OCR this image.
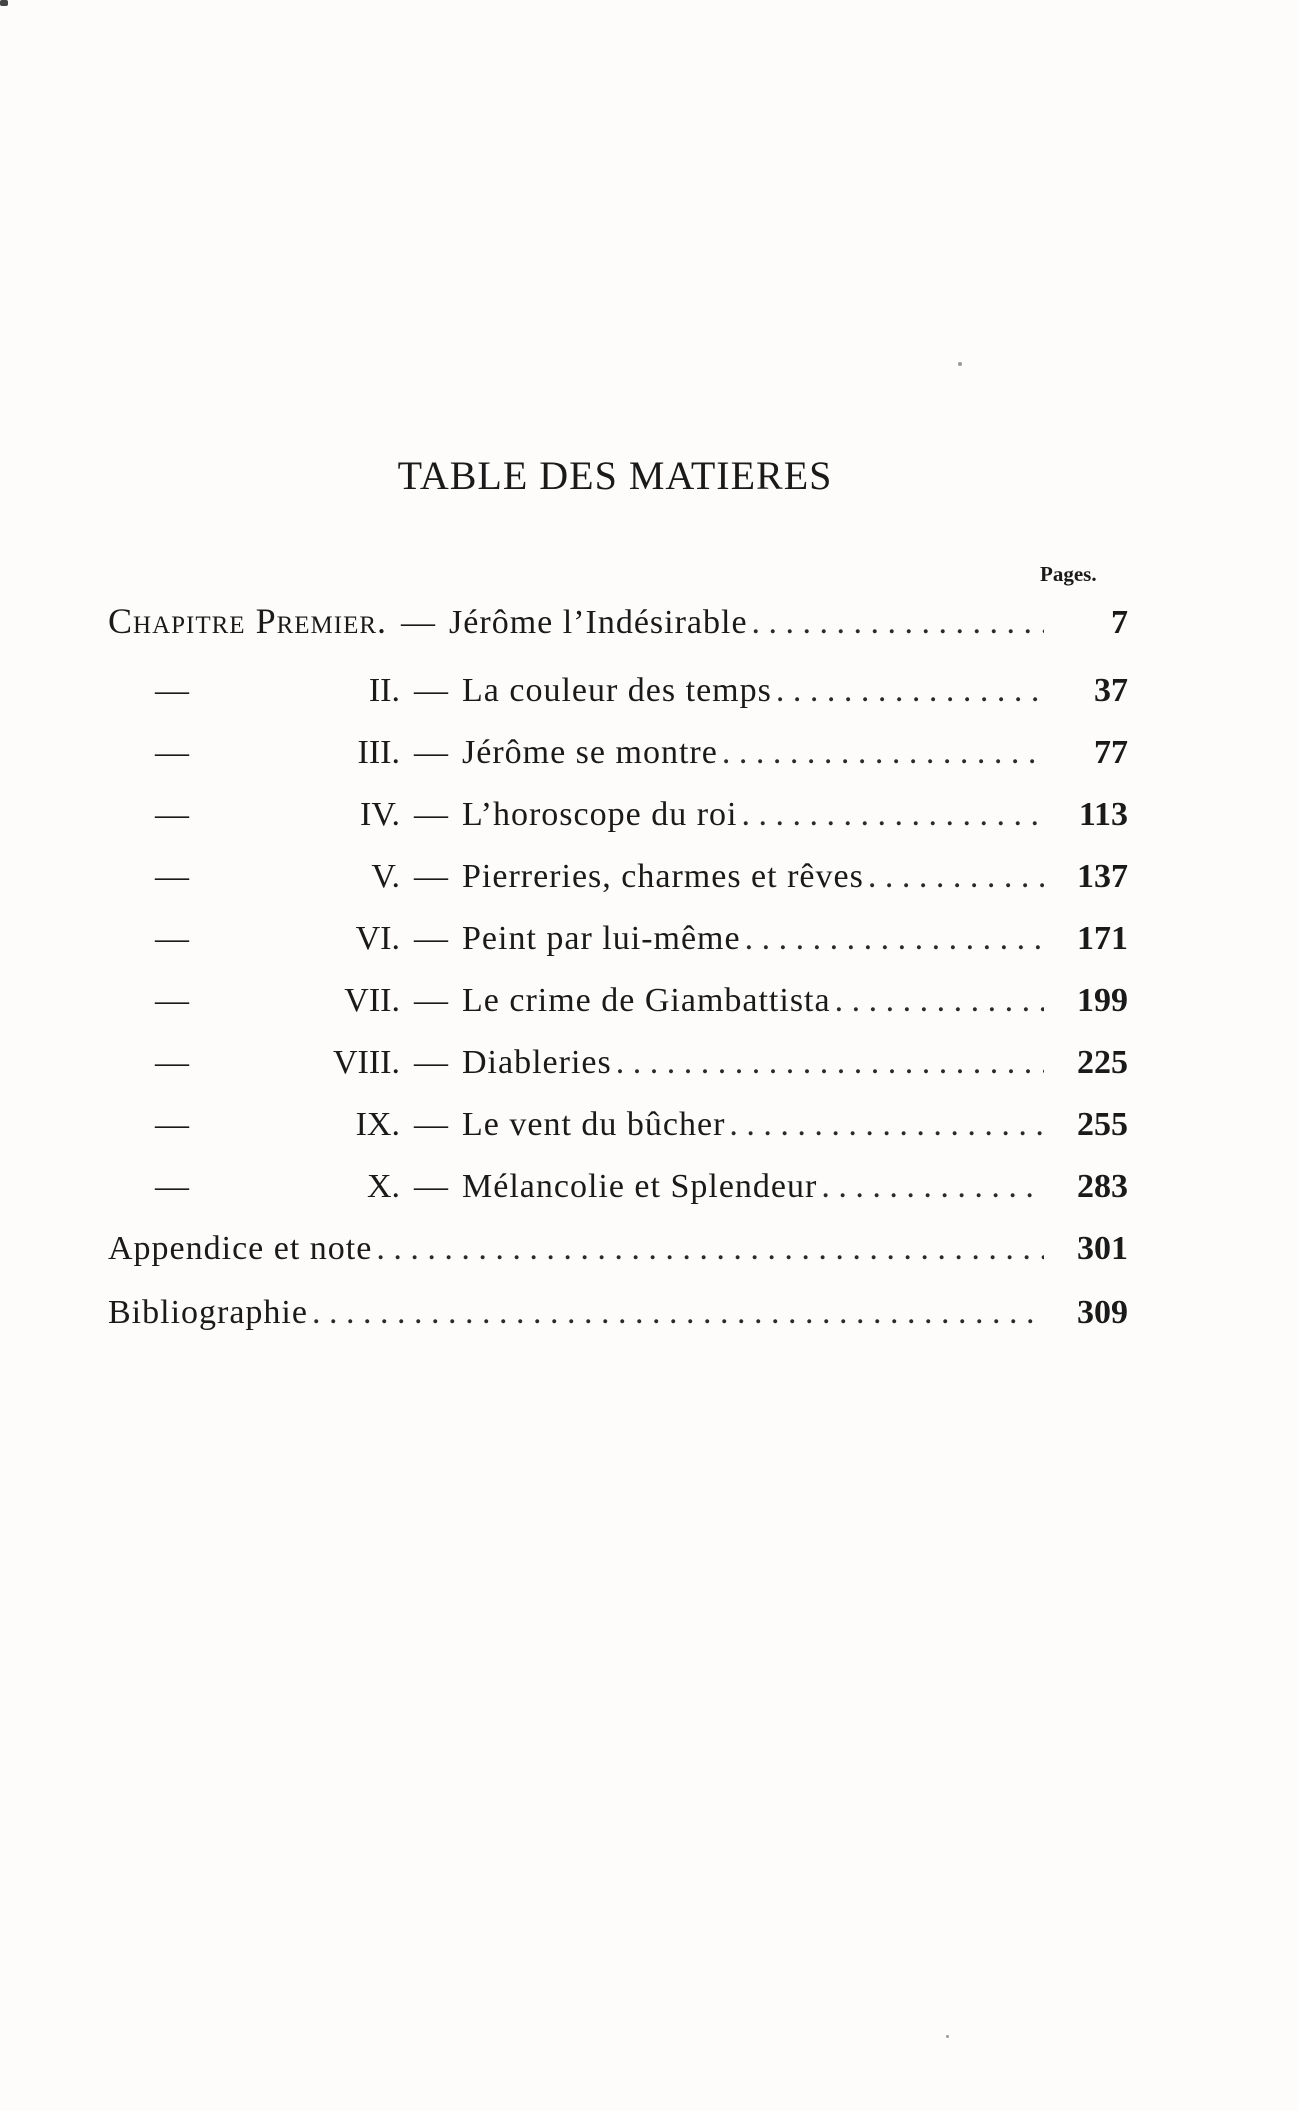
TABLE DES MATIERES
Pages.
Chapitre Premier. — Jérôme l’Indésirable . . .	7
—	II. — La couleur des temps . . .	37
—	III. — Jérôme se montre . . .	77
—	IV. — L’horoscope du roi . . .	113
—	V. — Pierreries, charmes et rêves . . .	137
—	VI. — Peint par lui-même . . .	171
—	VII. — Le crime de Giambattista . . .	199
—	VIII. — Diableries . . .	225
—	IX. — Le vent du bûcher . . .	255
—	X. — Mélancolie et Splendeur . . .	283
Appendice et note . . .	301
Bibliographie . . .	309
